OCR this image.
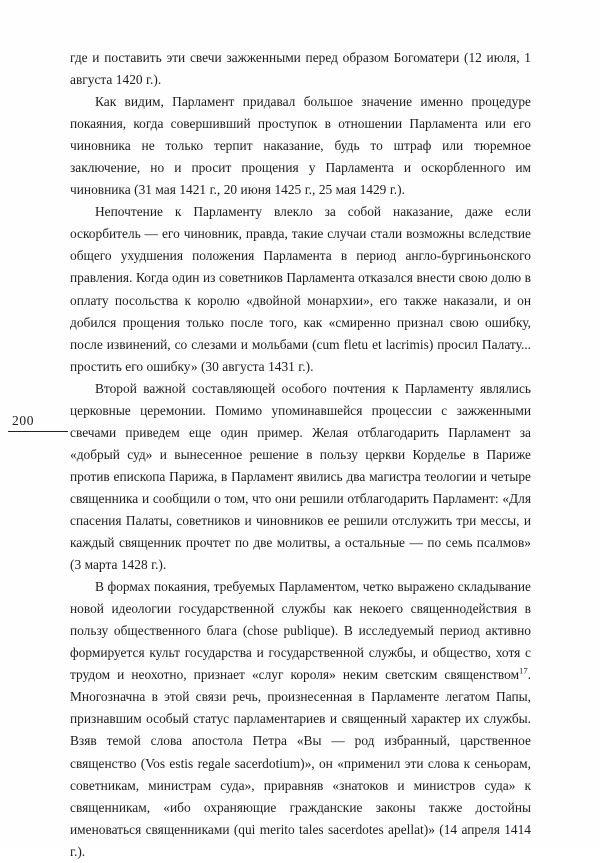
200

где и поставить эти свечи зажженными перед образом Богоматери (12 июля, 1 августа 1420 г.).

Как видим, Парламент придавал большое значение именно процедуре покаяния, когда совершивший проступок в отношении Парламента или его чиновника не только терпит наказание, будь то штраф или тюремное заключение, но и просит прощения у Парламента и оскорбленного им чиновника (31 мая 1421 г., 20 июня 1425 г., 25 мая 1429 г.).

Непочтение к Парламенту влекло за собой наказание, даже если оскорбитель — его чиновник, правда, такие случаи стали возможны вследствие общего ухудшения положения Парламента в период англо-бургиньонского правления. Когда один из советников Парламента отказался внести свою долю в оплату посольства к королю «двойной монархии», его также наказали, и он добился прощения только после того, как «смиренно признал свою ошибку, после извинений, со слезами и мольбами (cum fletu et lacrimis) просил Палату... простить его ошибку» (30 августа 1431 г.).

Второй важной составляющей особого почтения к Парламенту являлись церковные церемонии. Помимо упоминавшейся процессии с зажженными свечами приведем еще один пример. Желая отблагодарить Парламент за «добрый суд» и вынесенное решение в пользу церкви Корделье в Париже против епископа Парижа, в Парламент явились два магистра теологии и четыре священника и сообщили о том, что они решили отблагодарить Парламент: «Для спасения Палаты, советников и чиновников ее решили отслужить три мессы, и каждый священник прочтет по две молитвы, а остальные — по семь псалмов» (3 марта 1428 г.).

В формах покаяния, требуемых Парламентом, четко выражено складывание новой идеологии государственной службы как некоего священнодействия в пользу общественного блага (chose publique). В исследуемый период активно формируется культ государства и государственной службы, и общество, хотя с трудом и неохотно, признает «слуг короля» неким светским священством$^{17}$. Многозначна в этой связи речь, произнесенная в Парламенте легатом Папы, признавшим особый статус парламентариев и священный характер их службы. Взяв темой слова апостола Петра «Вы — род избранный, царственное священство (Vos estis regale sacerdotium)», он «применил эти слова к сеньорам, советникам, министрам суда», приравняв «знатоков и министров суда» к священникам, «ибо охраняющие гражданские законы также достойны именоваться священниками (qui merito tales sacerdotes apellat)» (14 апреля 1414 г.).
